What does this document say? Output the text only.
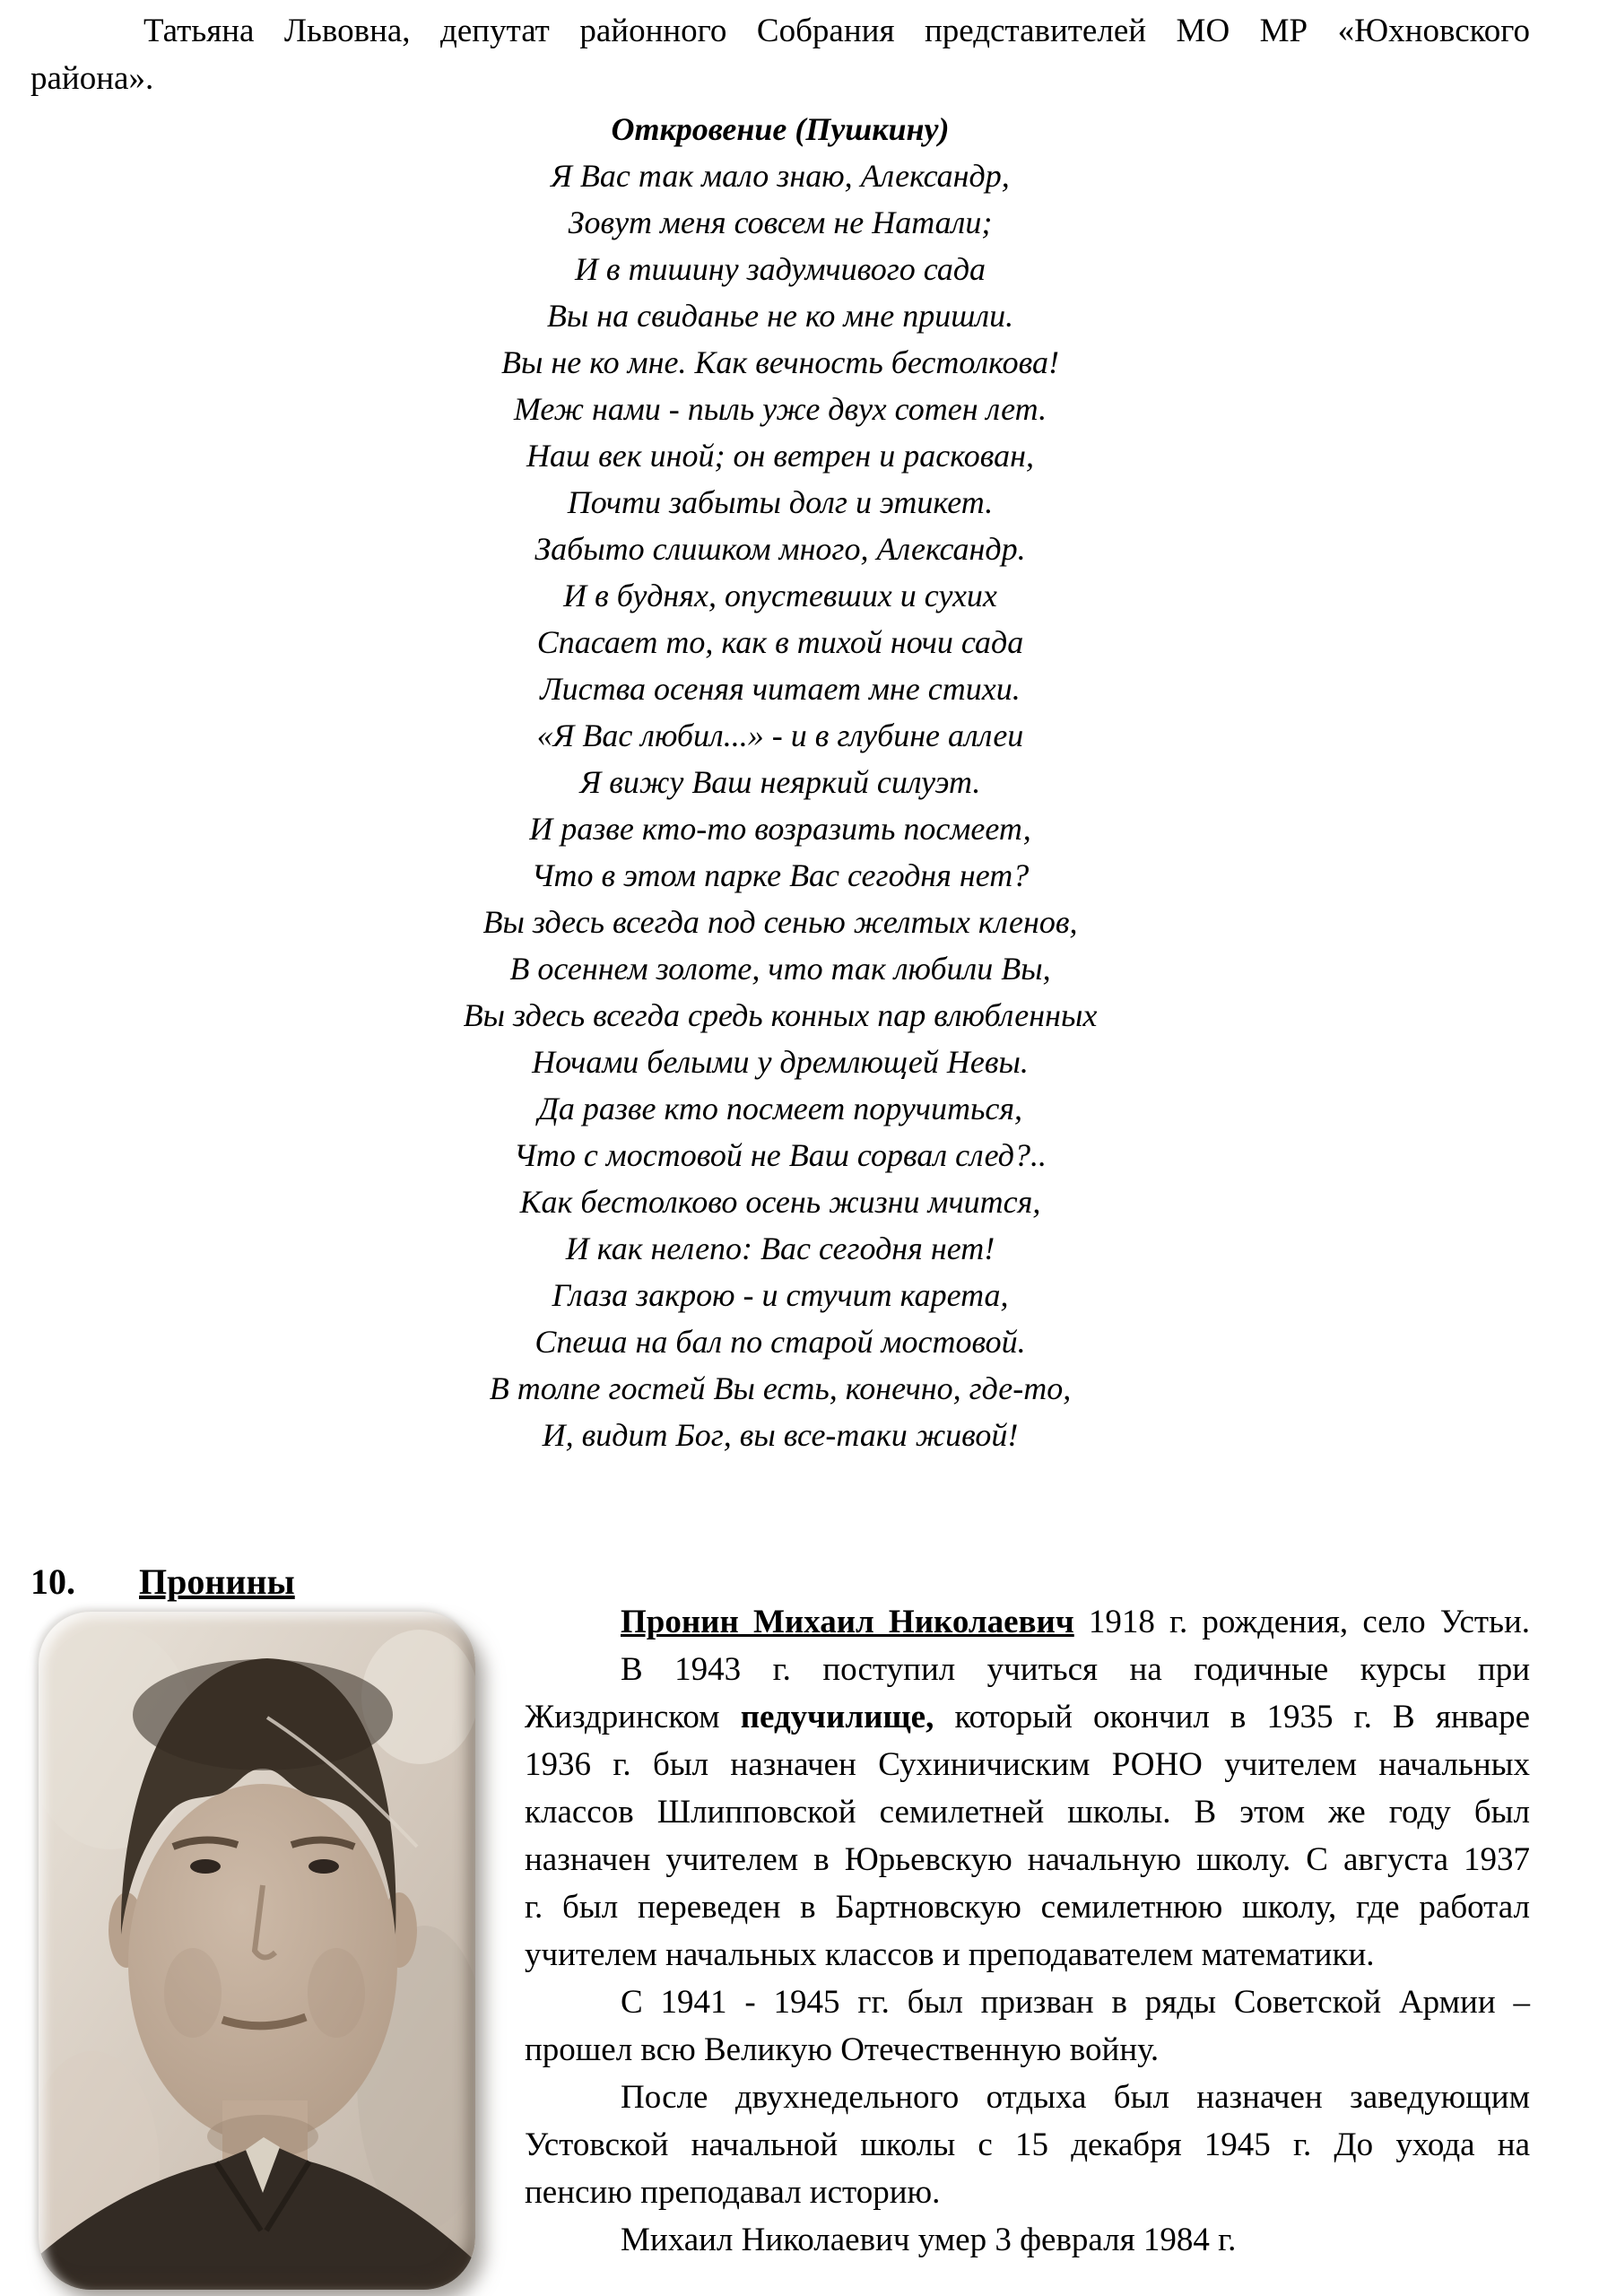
Татьяна Львовна, депутат районного Собрания представителей МО МР «Юхновского
района».
Откровение (Пушкину)
Я Вас так мало знаю, Александр,
Зовут меня совсем не Натали;
И в тишину задумчивого сада
Вы на свиданье не ко мне пришли.
Вы не ко мне. Как вечность бестолкова!
Меж нами - пыль уже двух сотен лет.
Наш век иной; он ветрен и раскован,
Почти забыты долг и этикет.
Забыто слишком много, Александр.
И в буднях, опустевших и сухих
Спасает то, как в тихой ночи сада
Листва осеняя читает мне стихи.
«Я Вас любил...» - и в глубине аллеи
Я вижу Ваш неяркий силуэт.
И разве кто-то возразить посмеет,
Что в этом парке Вас сегодня нет?
Вы здесь всегда под сенью желтых кленов,
В осеннем золоте, что так любили Вы,
Вы здесь всегда средь конных пар влюбленных
Ночами белыми у дремлющей Невы.
Да разве кто посмеет поручиться,
Что с мостовой не Ваш сорвал след?..
Как бестолково осень жизни мчится,
И как нелепо: Вас сегодня нет!
Глаза закрою - и стучит карета,
Спеша на бал по старой мостовой.
В толпе гостей Вы есть, конечно, где-то,
И, видит Бог, вы все-таки живой!
10. Пронины
Пронин Михаил Николаевич 1918 г. рождения, село Устьи.
В 1943 г. поступил учиться на годичные курсы при
Жиздринском педучилище, который окончил в 1935 г. В январе
1936 г. был назначен Сухиничиским РОНО учителем начальных
классов Шлипповской семилетней школы. В этом же году был
назначен учителем в Юрьевскую начальную школу. С августа 1937
г. был переведен в Бартновскую семилетнюю школу, где работал
учителем начальных классов и преподавателем математики.
С 1941 - 1945 гг. был призван в ряды Советской Армии –
прошел всю Великую Отечественную войну.
После двухнедельного отдыха был назначен заведующим
Устовской начальной школы с 15 декабря 1945 г. До ухода на
пенсию преподавал историю.
Михаил Николаевич умер 3 февраля 1984 г.
